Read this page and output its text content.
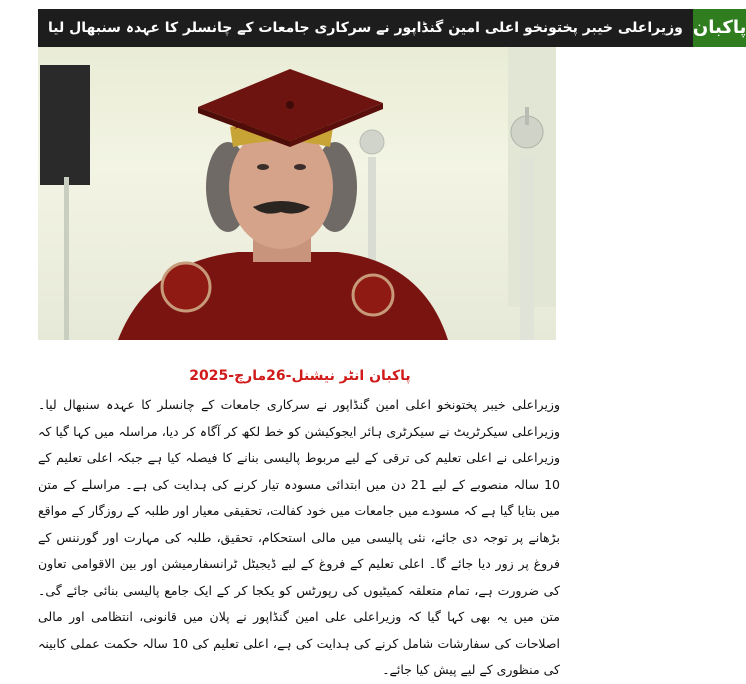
وزیراعلی خیبر پختونخو اعلی امین گنڈاپور نے سرکاری جامعات کے چانسلر کا عہدہ سنبھال لیا پاکبان
پاکبان انٹر نیشنل-26مارچ-2025

وزیراعلی خیبر پختونخو اعلی امین گنڈاپور نے سرکاری جامعات کے چانسلر کا عہدہ سنبھال لیا۔ وزیراعلی سیکرٹریٹ نے سیکرٹری ہائر ایجوکیشن کو خط لکھ کر آگاہ کر دیا، مراسلہ میں کہا گیا کہ وزیراعلی نے اعلی تعلیم کی ترقی کے لیے مربوط پالیسی بنانے کا فیصلہ کیا ہے جبکہ اعلی تعلیم کے 10 سالہ منصوبے کے لیے 21 دن میں ابتدائی مسودہ تیار کرنے کی ہدایت کی ہے۔ مراسلے کے متن میں بتایا گیا ہے کہ مسودے میں جامعات میں خود کفالت، تحقیقی معیار اور طلبہ کے روزگار کے مواقع بڑھانے پر توجہ دی جائے، نئی پالیسی میں مالی استحکام، تحقیق، طلبہ کی مہارت اور گورننس کے فروغ پر زور دیا جائے گا۔ اعلی تعلیم کے فروغ کے لیے ڈیجیٹل ٹرانسفارمیشن اور بین الاقوامی تعاون کی ضرورت ہے، تمام متعلقہ کمیٹیوں کی رپورٹس کو یکجا کر کے ایک جامع پالیسی بنائی جائے گی۔ متن میں یہ بھی کہا گیا کہ وزیراعلی علی امین گنڈاپور نے پلان میں قانونی، انتظامی اور مالی اصلاحات کی سفارشات شامل کرنے کی ہدایت کی ہے، اعلی تعلیم کی 10 سالہ حکمت عملی کابینہ کی منظوری کے لیے پیش کیا جائے۔
